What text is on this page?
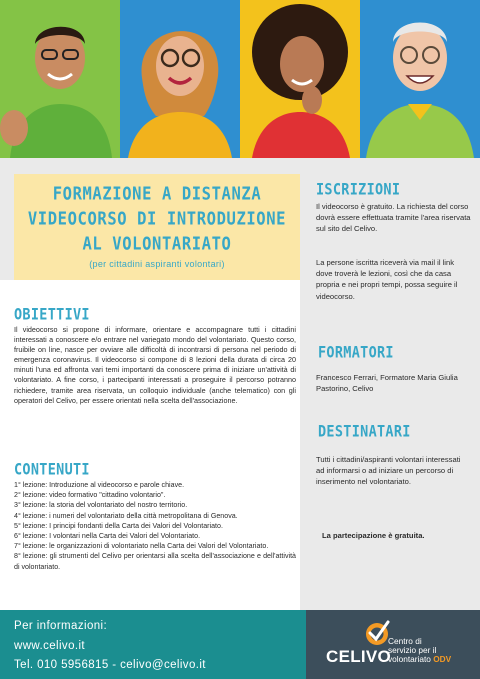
FORMAZIONE A DISTANZA
VIDEOCORSO DI INTRODUZIONE
AL VOLONTARIATO
(per cittadini aspiranti volontari)
OBIETTIVI

Il videocorso si propone di informare, orientare e accompagnare tutti i cittadini interessati a conoscere e/o entrare nel variegato mondo del volontariato. Questo corso, fruibile on line, nasce per ovviare alle difficoltà di incontrarsi di persona nel periodo di emergenza coronavirus. Il videocorso si compone di 8 lezioni della durata di circa 20 minuti l'una ed affronta vari temi importanti da conoscere prima di iniziare un'attività di volontariato. A fine corso, i partecipanti interessati a proseguire il percorso potranno richiedere, tramite area riservata, un colloquio individuale (anche telematico) con gli operatori del Celivo, per essere orientati nella scelta dell'associazione.

CONTENUTI
1° lezione: Introduzione al videocorso e parole chiave.
2° lezione: video formativo "cittadino volontario".
3° lezione: la storia del volontariato del nostro territorio.
4° lezione: i numeri del volontariato della città metropolitana di Genova.
5° lezione: I principi fondanti della Carta dei Valori del Volontariato.
6° lezione: I volontari nella Carta dei Valori del Volontariato.
7° lezione: le organizzazioni di volontariato nella Carta dei Valori del Volontariato.
8° lezione: gli strumenti del Celivo per orientarsi alla scelta dell'associazione e dell'attività di volontariato.
ISCRIZIONI

Il videocorso è gratuito. La richiesta del corso dovrà essere effettuata tramite l'area riservata sul sito del Celivo.

La persone iscritta riceverà via mail il link dove troverà le lezioni, così che da casa propria e nei propri tempi, possa seguire il videocorso.

FORMATORI

Francesco Ferrari, Formatore Maria Giulia Pastorino, Celivo

DESTINATARI

Tutti i cittadini/aspiranti volontari interessati ad informarsi o ad iniziare un percorso di inserimento nel volontariato.

La partecipazione è gratuita.

Per informazioni:
www.celivo.it
Tel. 010 5956815 - celivo@celivo.it	CELIVO
Centro di
servizio per il
volontariato ODV
